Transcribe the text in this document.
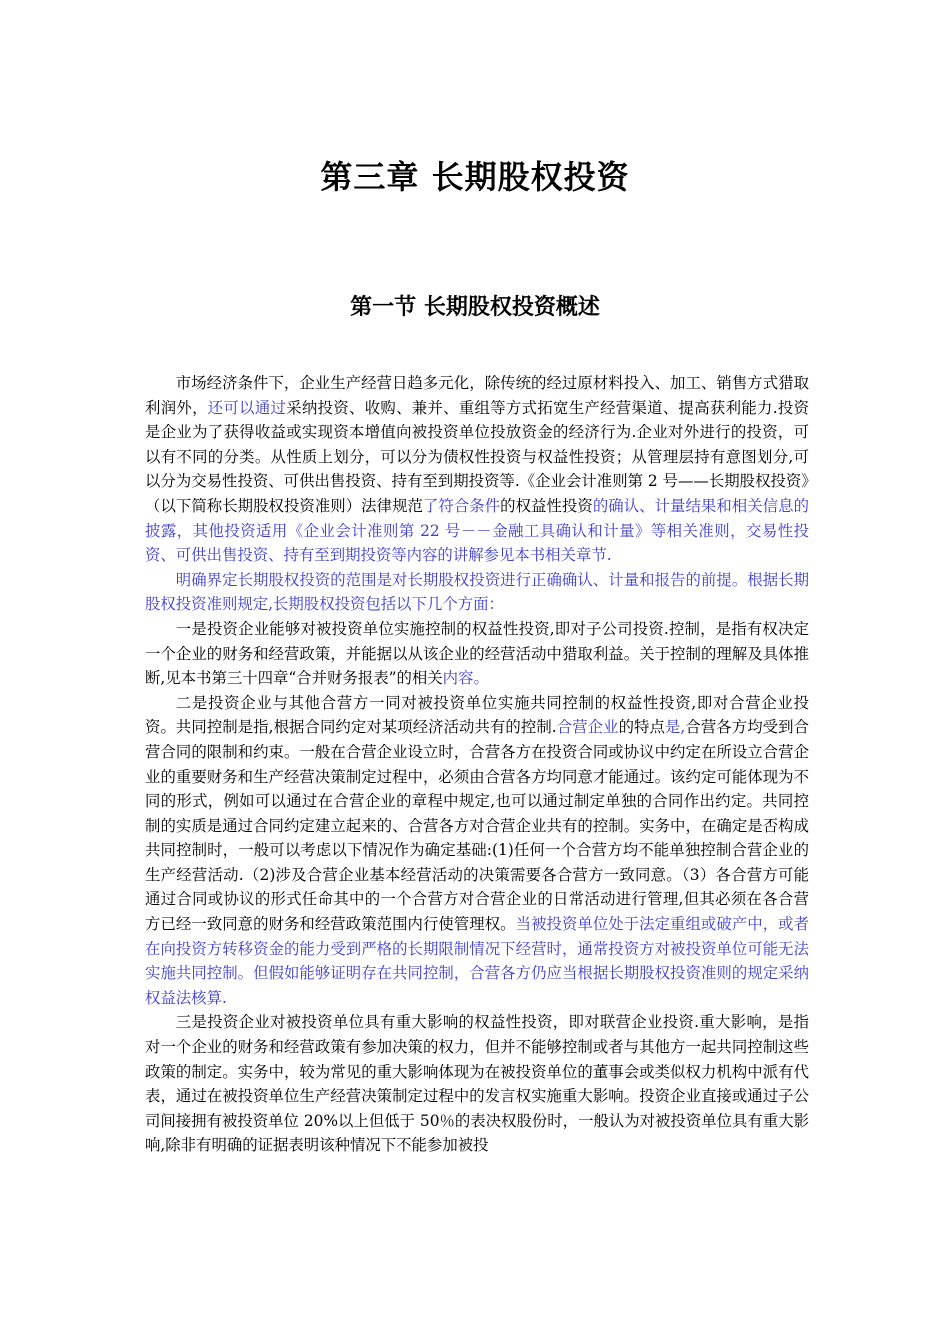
第三章 长期股权投资
第一节 长期股权投资概述

市场经济条件下，企业生产经营日趋多元化，除传统的经过原材料投入、加工、销售方式猎取利润外，还可以通过采纳投资、收购、兼并、重组等方式拓宽生产经营渠道、提高获利能力.投资是企业为了获得收益或实现资本增值向被投资单位投放资金的经济行为.企业对外进行的投资，可以有不同的分类。从性质上划分，可以分为债权性投资与权益性投资；从管理层持有意图划分,可以分为交易性投资、可供出售投资、持有至到期投资等.《企业会计准则第 2 号——长期股权投资》（以下简称长期股权投资准则）法律规范了符合条件的权益性投资的确认、计量结果和相关信息的披露，其他投资适用《企业会计准则第 22 号－－金融工具确认和计量》等相关准则，交易性投资、可供出售投资、持有至到期投资等内容的讲解参见本书相关章节.

明确界定长期股权投资的范围是对长期股权投资进行正确确认、计量和报告的前提。根据长期股权投资准则规定,长期股权投资包括以下几个方面：

一是投资企业能够对被投资单位实施控制的权益性投资,即对子公司投资.控制，是指有权决定一个企业的财务和经营政策，并能据以从该企业的经营活动中猎取利益。关于控制的理解及具体推断,见本书第三十四章“合并财务报表”的相关内容。

二是投资企业与其他合营方一同对被投资单位实施共同控制的权益性投资,即对合营企业投资。共同控制是指,根据合同约定对某项经济活动共有的控制.合营企业的特点是,合营各方均受到合营合同的限制和约束。一般在合营企业设立时，合营各方在投资合同或协议中约定在所设立合营企业的重要财务和生产经营决策制定过程中，必须由合营各方均同意才能通过。该约定可能体现为不同的形式，例如可以通过在合营企业的章程中规定,也可以通过制定单独的合同作出约定。共同控制的实质是通过合同约定建立起来的、合营各方对合营企业共有的控制。实务中，在确定是否构成共同控制时，一般可以考虑以下情况作为确定基础:(1)任何一个合营方均不能单独控制合营企业的生产经营活动.（2)涉及合营企业基本经营活动的决策需要各合营方一致同意。（3）各合营方可能通过合同或协议的形式任命其中的一个合营方对合营企业的日常活动进行管理,但其必须在各合营方已经一致同意的财务和经营政策范围内行使管理权。当被投资单位处于法定重组或破产中，或者在向投资方转移资金的能力受到严格的长期限制情况下经营时，通常投资方对被投资单位可能无法实施共同控制。但假如能够证明存在共同控制，合营各方仍应当根据长期股权投资准则的规定采纳权益法核算.

三是投资企业对被投资单位具有重大影响的权益性投资，即对联营企业投资.重大影响，是指对一个企业的财务和经营政策有参加决策的权力，但并不能够控制或者与其他方一起共同控制这些政策的制定。实务中，较为常见的重大影响体现为在被投资单位的董事会或类似权力机构中派有代表，通过在被投资单位生产经营决策制定过程中的发言权实施重大影响。投资企业直接或通过子公司间接拥有被投资单位 20%以上但低于 50％的表决权股份时，一般认为对被投资单位具有重大影响,除非有明确的证据表明该种情况下不能参加被投
